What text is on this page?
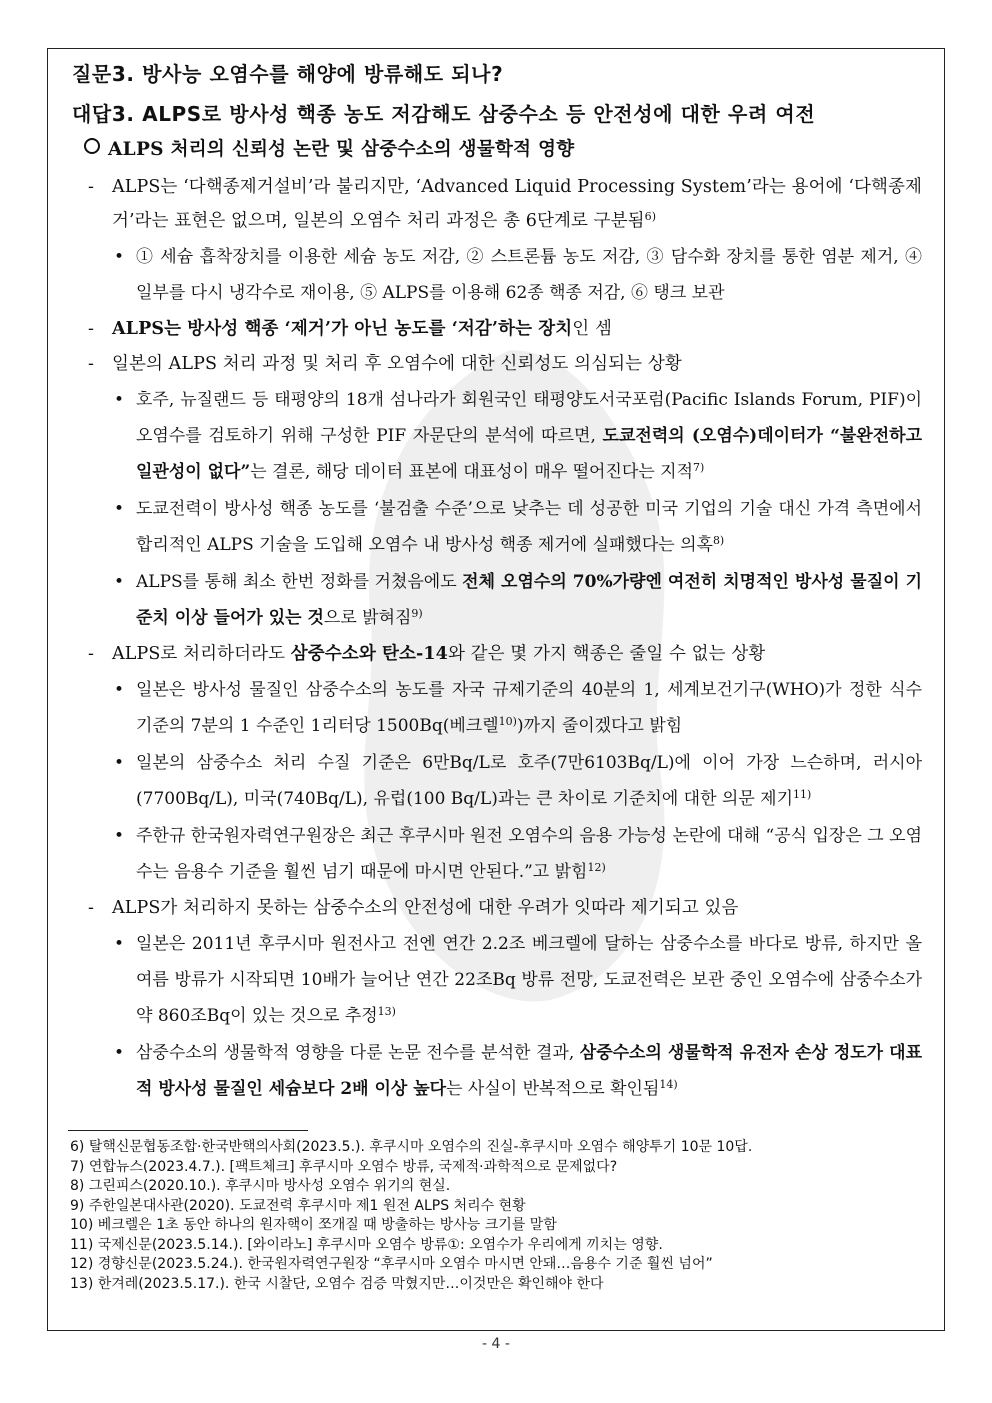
질문3. 방사능 오염수를 해양에 방류해도 되나?
대답3. ALPS로 방사성 핵종 농도 저감해도 삼중수소 등 안전성에 대한 우려 여전
ALPS 처리의 신뢰성 논란 및 삼중수소의 생물학적 영향
- ALPS는 ‘다핵종제거설비’라 불리지만, ‘Advanced Liquid Processing System’라는 용어에 ‘다핵종제거’라는 표현은 없으며, 일본의 오염수 처리 과정은 총 6단계로 구분됨$^{6)}$
• ① 세슘 흡착장치를 이용한 세슘 농도 저감, ② 스트론튬 농도 저감, ③ 담수화 장치를 통한 염분 제거, ④ 일부를 다시 냉각수로 재이용, ⑤ ALPS를 이용해 62종 핵종 저감, ⑥ 탱크 보관
- ALPS는 방사성 핵종 ‘제거’가 아닌 농도를 ‘저감’하는 장치인 셈
- 일본의 ALPS 처리 과정 및 처리 후 오염수에 대한 신뢰성도 의심되는 상황
• 호주, 뉴질랜드 등 태평양의 18개 섬나라가 회원국인 태평양도서국포럼(Pacific Islands Forum, PIF)이 오염수를 검토하기 위해 구성한 PIF 자문단의 분석에 따르면, 도쿄전력의 (오염수)데이터가 “불완전하고 일관성이 없다”는 결론, 해당 데이터 표본에 대표성이 매우 떨어진다는 지적$^{7)}$
• 도쿄전력이 방사성 핵종 농도를 ‘불검출 수준’으로 낮추는 데 성공한 미국 기업의 기술 대신 가격 측면에서 합리적인 ALPS 기술을 도입해 오염수 내 방사성 핵종 제거에 실패했다는 의혹$^{8)}$
• ALPS를 통해 최소 한번 정화를 거쳤음에도 전체 오염수의 70%가량엔 여전히 치명적인 방사성 물질이 기준치 이상 들어가 있는 것으로 밝혀짐$^{9)}$
- ALPS로 처리하더라도 삼중수소와 탄소-14와 같은 몇 가지 핵종은 줄일 수 없는 상황
• 일본은 방사성 물질인 삼중수소의 농도를 자국 규제기준의 40분의 1, 세계보건기구(WHO)가 정한 식수 기준의 7분의 1 수준인 1리터당 1500Bq(베크렐$^{10)}$)까지 줄이겠다고 밝힘
• 일본의 삼중수소 처리 수질 기준은 6만Bq/L로 호주(7만6103Bq/L)에 이어 가장 느슨하며, 러시아(7700Bq/L), 미국(740Bq/L), 유럽(100 Bq/L)과는 큰 차이로 기준치에 대한 의문 제기$^{11)}$
• 주한규 한국원자력연구원장은 최근 후쿠시마 원전 오염수의 음용 가능성 논란에 대해 “공식 입장은 그 오염수는 음용수 기준을 훨씬 넘기 때문에 마시면 안된다.”고 밝힘$^{12)}$
- ALPS가 처리하지 못하는 삼중수소의 안전성에 대한 우려가 잇따라 제기되고 있음
• 일본은 2011년 후쿠시마 원전사고 전엔 연간 2.2조 베크렐에 달하는 삼중수소를 바다로 방류, 하지만 올여름 방류가 시작되면 10배가 늘어난 연간 22조Bq 방류 전망, 도쿄전력은 보관 중인 오염수에 삼중수소가 약 860조Bq이 있는 것으로 추정$^{13)}$
• 삼중수소의 생물학적 영향을 다룬 논문 전수를 분석한 결과, 삼중수소의 생물학적 유전자 손상 정도가 대표적 방사성 물질인 세슘보다 2배 이상 높다는 사실이 반복적으로 확인됨$^{14)}$
6) 탈핵신문협동조합·한국반핵의사회(2023.5.). 후쿠시마 오염수의 진실-후쿠시마 오염수 해양투기 10문 10답.
7) 연합뉴스(2023.4.7.). [팩트체크] 후쿠시마 오염수 방류, 국제적·과학적으로 문제없다?
8) 그린피스(2020.10.). 후쿠시마 방사성 오염수 위기의 현실.
9) 주한일본대사관(2020). 도쿄전력 후쿠시마 제1 원전 ALPS 처리수 현황
10) 베크렐은 1초 동안 하나의 원자핵이 쪼개질 때 방출하는 방사능 크기를 말함
11) 국제신문(2023.5.14.). [와이라노] 후쿠시마 오염수 방류①: 오염수가 우리에게 끼치는 영향.
12) 경향신문(2023.5.24.). 한국원자력연구원장 “후쿠시마 오염수 마시면 안돼…음용수 기준 훨씬 넘어”
13) 한겨레(2023.5.17.). 한국 시찰단, 오염수 검증 막혔지만…이것만은 확인해야 한다
- 4 -
